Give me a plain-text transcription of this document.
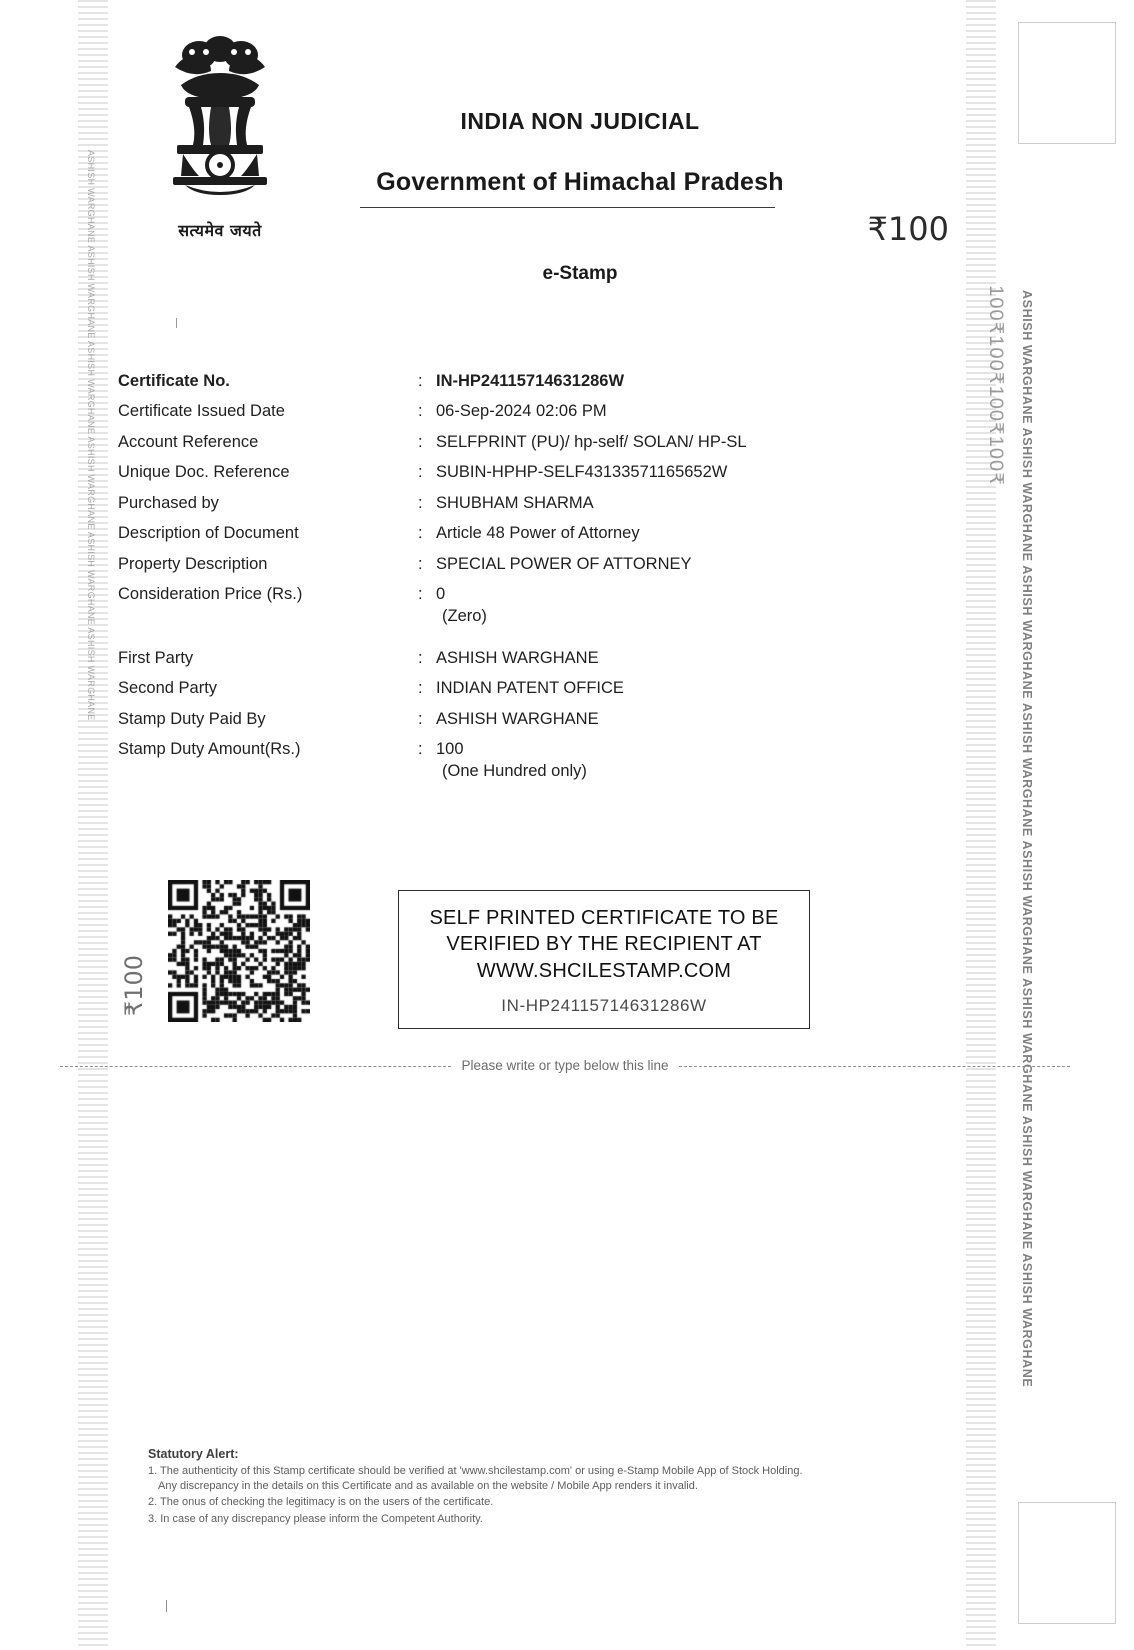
ASHISH WARGHANE ASHISH WARGHANE ASHISH WARGHANE ASHISH WARGHANE ASHISH WARGHANE ASHISH WARGHANE	ASHISH WARGHANE ASHISH WARGHANE ASHISH WARGHANE ASHISH WARGHANE ASHISH WARGHANE ASHISH WARGHANE ASHISH WARGHANE ASHISH WARGHANE
100₹100₹100₹100₹
सत्यमेव जयते
INDIA NON JUDICIAL
Government of Himachal Pradesh
₹100
e-Stamp
Certificate No.	: IN-HP24115714631286W
Certificate Issued Date	: 06-Sep-2024 02:06 PM
Account Reference	: SELFPRINT (PU)/ hp-self/ SOLAN/ HP-SL
Unique Doc. Reference	: SUBIN-HPHP-SELF43133571165652W
Purchased by	: SHUBHAM SHARMA
Description of Document	: Article 48 Power of Attorney
Property Description	: SPECIAL POWER OF ATTORNEY
Consideration Price (Rs.)	: 0
(Zero)
First Party	: ASHISH WARGHANE
Second Party	: INDIAN PATENT OFFICE
Stamp Duty Paid By	: ASHISH WARGHANE
Stamp Duty Amount(Rs.)	: 100
(One Hundred only)
₹100
SELF PRINTED CERTIFICATE TO BE
VERIFIED BY THE RECIPIENT AT
WWW.SHCILESTAMP.COM
IN-HP24115714631286W
Please write or type below this line
Statutory Alert:
1. The authenticity of this Stamp certificate should be verified at 'www.shcilestamp.com' or using e-Stamp Mobile App of Stock Holding.
Any discrepancy in the details on this Certificate and as available on the website / Mobile App renders it invalid.
2. The onus of checking the legitimacy is on the users of the certificate.
3. In case of any discrepancy please inform the Competent Authority.
